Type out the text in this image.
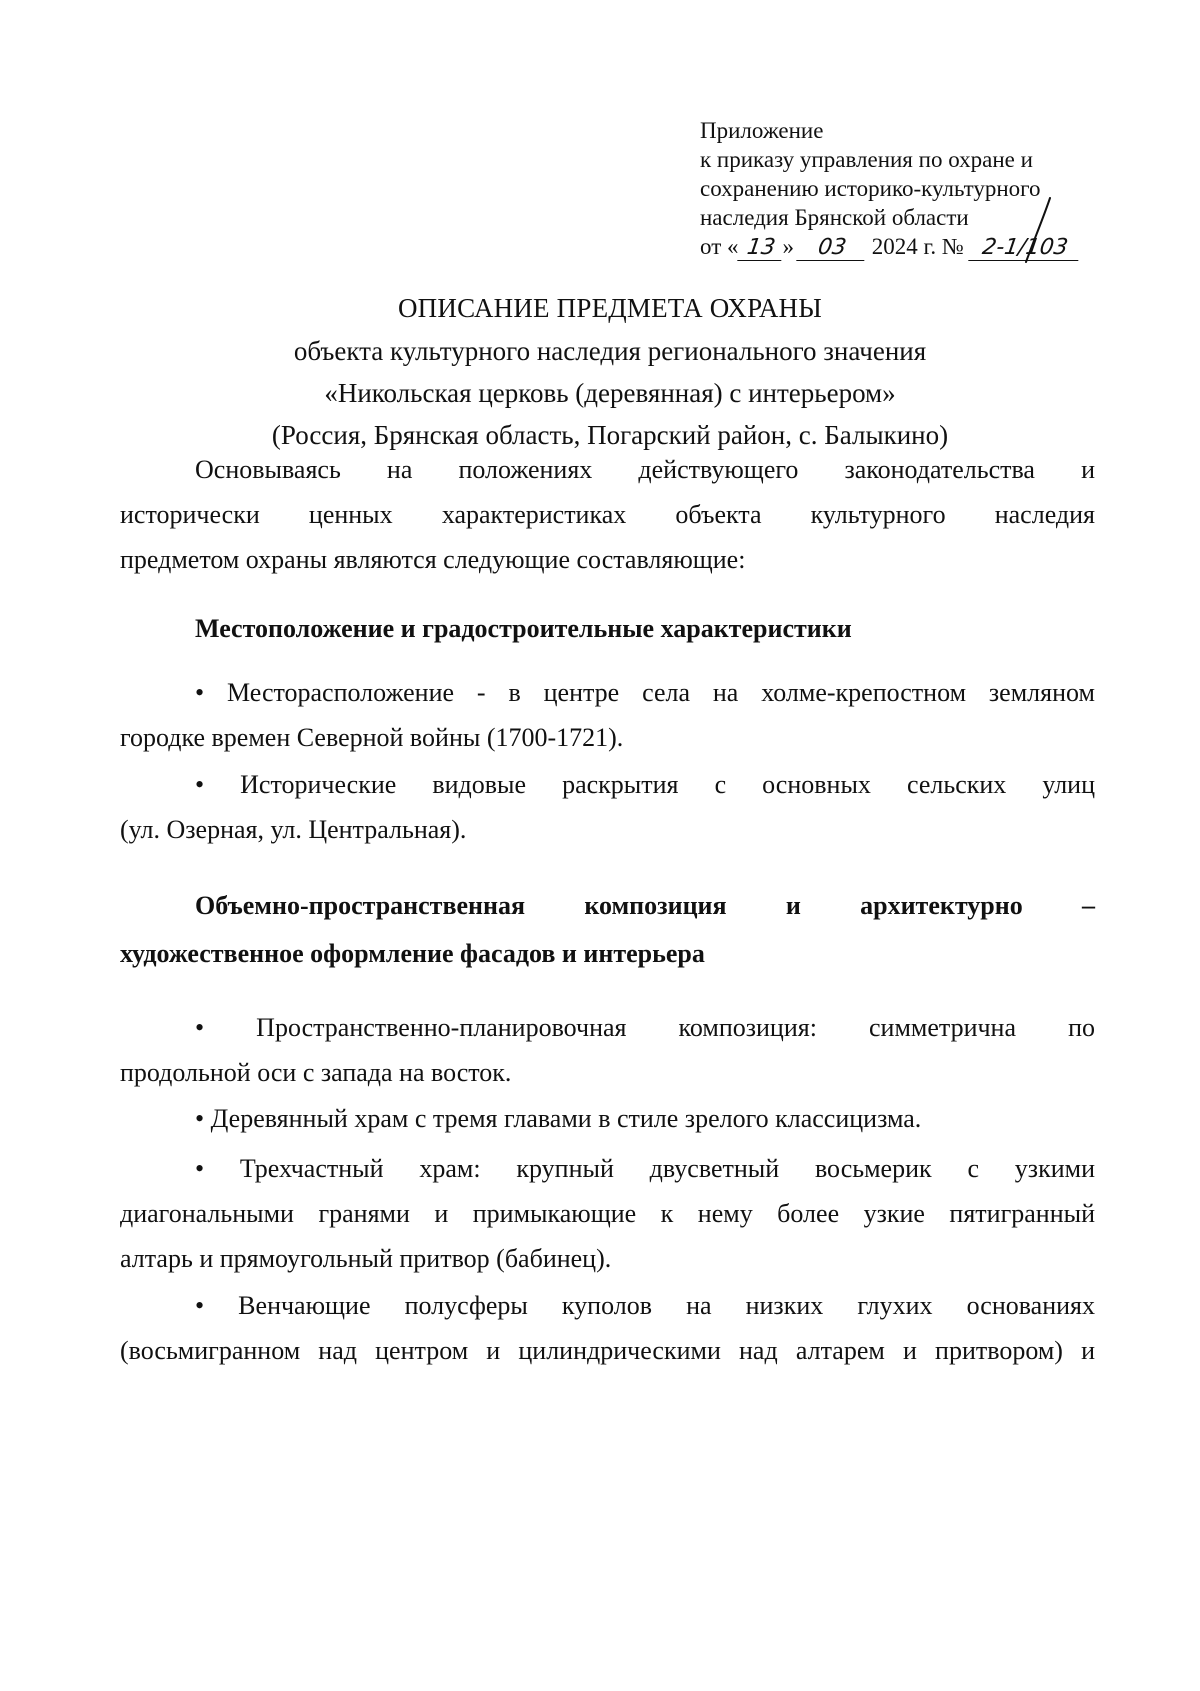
Приложение
к приказу управления по охране и
сохранению историко-культурного
наследия Брянской области
от « 13 » 03 2024 г. № 2-1/103
ОПИСАНИЕ ПРЕДМЕТА ОХРАНЫ
объекта культурного наследия регионального значения
«Никольская церковь (деревянная) с интерьером»
(Россия, Брянская область, Погарский район, с. Балыкино)
Основываясь на положениях действующего законодательства и
исторически ценных характеристиках объекта культурного наследия
предметом охраны являются следующие составляющие:
Местоположение и градостроительные характеристики
• Месторасположение - в центре села на холме-крепостном земляном
городке времен Северной войны (1700-1721).
• Исторические видовые раскрытия с основных сельских улиц
(ул. Озерная, ул. Центральная).
Объемно-пространственная композиция и архитектурно –
художественное оформление фасадов и интерьера
• Пространственно-планировочная композиция: симметрична по
продольной оси с запада на восток.
• Деревянный храм с тремя главами в стиле зрелого классицизма.
• Трехчастный храм: крупный двусветный восьмерик с узкими
диагональными гранями и примыкающие к нему более узкие пятигранный
алтарь и прямоугольный притвор (бабинец).
• Венчающие полусферы куполов на низких глухих основаниях
(восьмигранном над центром и цилиндрическими над алтарем и притвором) и
